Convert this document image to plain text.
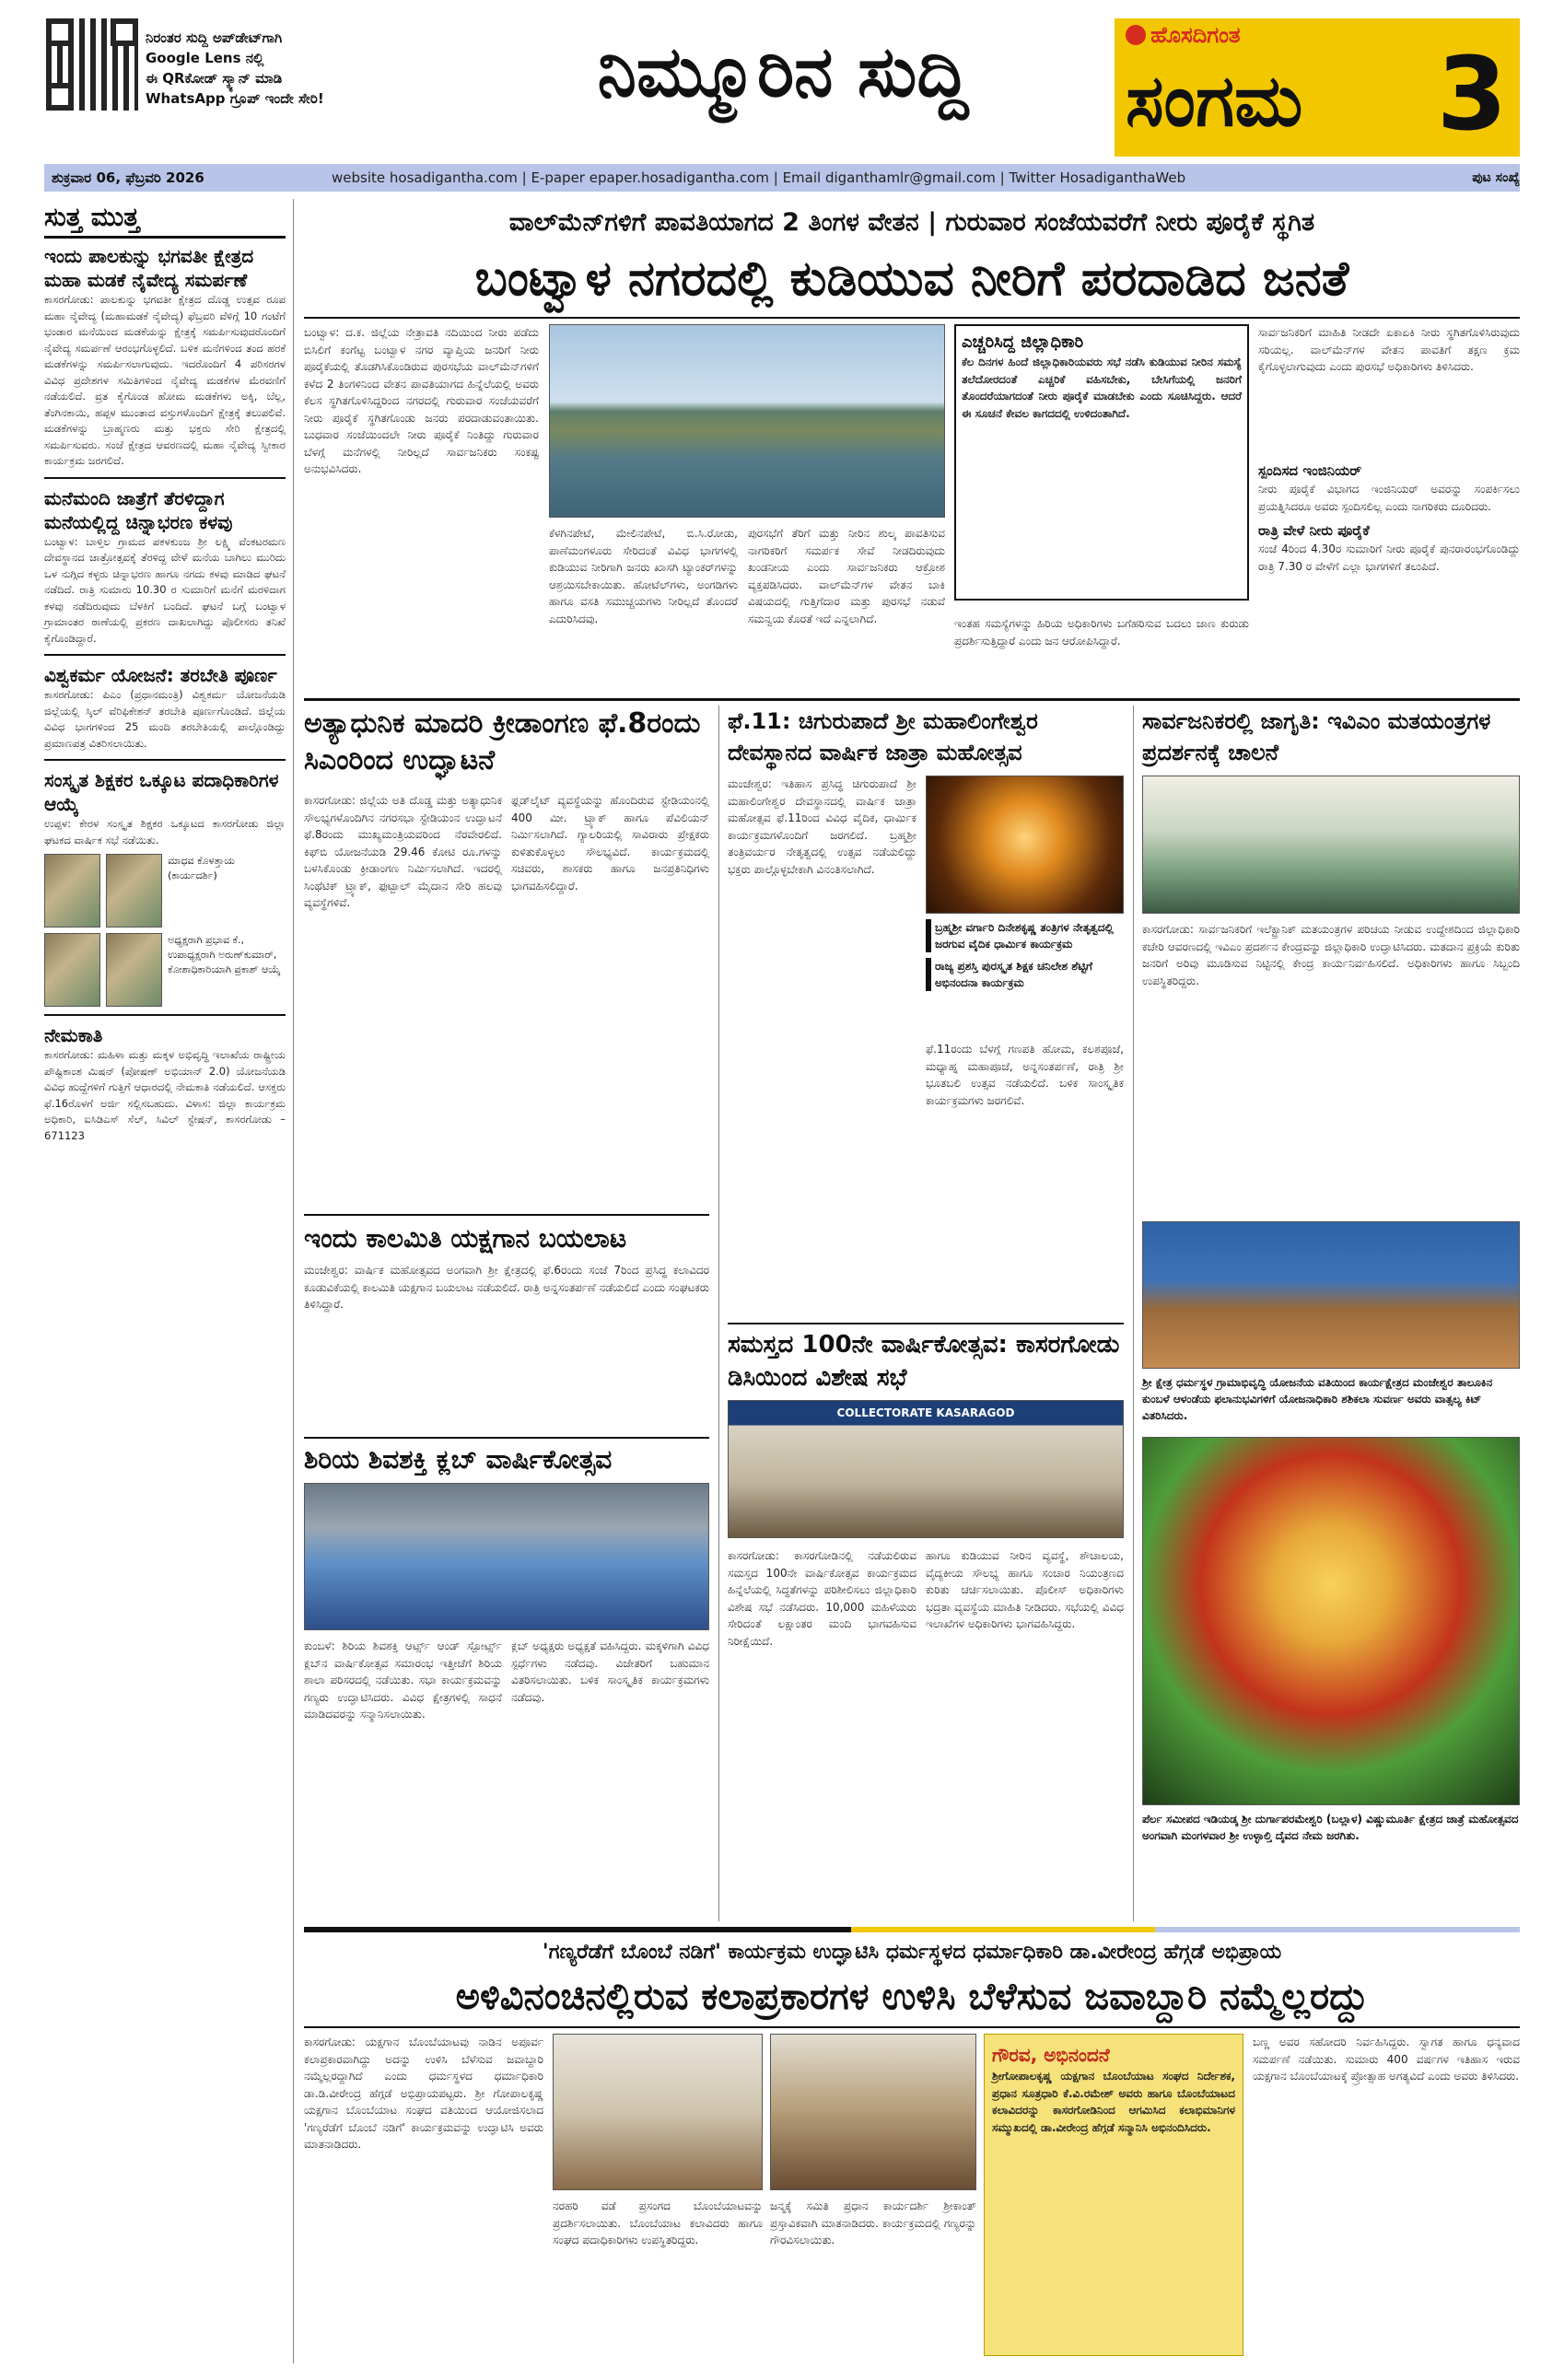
ನಿರಂತರ ಸುದ್ದಿ ಅಪ್‌ಡೇಟ್‌ಗಾಗಿ
Google Lens ನಲ್ಲಿ
ಈ QRಕೋಡ್ ಸ್ಕ್ಯಾನ್ ಮಾಡಿ
WhatsApp ಗ್ರೂಪ್ ಇಂದೇ ಸೇರಿ!	ನಿಮ್ಮೂರಿನ ಸುದ್ದಿ	ಹೊಸದಿಗಂತ
ಸಂಗಮ	3
ಶುಕ್ರವಾರ 06, ಫೆಬ್ರವರಿ 2026	website hosadigantha.com | E-paper epaper.hosadigantha.com | Email diganthamlr@gmail.com | Twitter HosadiganthaWeb	ಪುಟ ಸಂಖ್ಯೆ
ಸುತ್ತ ಮುತ್ತ
ಇಂದು ಪಾಲಕುನ್ನು ಭಗವತೀ ಕ್ಷೇತ್ರದ ಮಹಾ ಮಡಕೆ ನೈವೇದ್ಯ ಸಮರ್ಪಣೆ
ಕಾಸರಗೋಡು: ಪಾಲಕುನ್ನು ಭಗವತೀ ಕ್ಷೇತ್ರದ ದೊಡ್ಡ ಉತ್ಸವ ರೂಪ ಮಹಾ ನೈವೇದ್ಯ (ಮಹಾಮಡಕೆ ನೈವೇದ್ಯ) ಫೆಬ್ರವರಿ ವೆಳಿಗ್ಗೆ 10 ಗಂಟೆಗೆ ಭಂಡಾರ ಮನೆಯಿಂದ ಮಡಕೆಯನ್ನು ಕ್ಷೇತ್ರಕ್ಕೆ ಸಮರ್ಪಿಸುವುದರೊಂದಿಗೆ ನೈವೇದ್ಯ ಸಮರ್ಪಣೆ ಆರಂಭಗೊಳ್ಳಲಿದೆ. ಬಳಿಕ ಮನೆಗಳಿಂದ ತಂದ ಹರಕೆ ಮಡಕೆಗಳನ್ನು ಸಮರ್ಪಿಸಲಾಗುವುದು. ಇದರೊಂದಿಗೆ 4 ಪರಿಸರಗಳ ವಿವಿಧ ಪ್ರದೇಶಗಳ ಸಮಿತಿಗಳಿಂದ ನೈವೇದ್ಯ ಮಡಕೆಗಳ ಮೆರವಣಿಗೆ ನಡೆಯಲಿದೆ. ವ್ರತ ಕೈಗೊಂಡ ಹೋಮ ಮಡಕೆಗಳು ಅಕ್ಕಿ, ಬೆಲ್ಲ, ತೆಂಗಿನಕಾಯಿ, ಹಪ್ಪಳ ಮುಂತಾದ ವಸ್ತುಗಳೊಂದಿಗೆ ಕ್ಷೇತ್ರಕ್ಕೆ ತಲುಪಲಿವೆ. ಮಡಕೆಗಳನ್ನು ಬ್ರಾಹ್ಮಣರು ಮತ್ತು ಭಕ್ತರು ಸೇರಿ ಕ್ಷೇತ್ರದಲ್ಲಿ ಸಮರ್ಪಿಸುವರು. ಸಂಜೆ ಕ್ಷೇತ್ರದ ಆವರಣದಲ್ಲಿ ಮಹಾ ನೈವೇದ್ಯ ಸ್ವೀಕಾರ ಕಾರ್ಯಕ್ರಮ ಜರಗಲಿದೆ.
ಮನೆಮಂದಿ ಜಾತ್ರೆಗೆ ತೆರಳಿದ್ದಾಗ ಮನೆಯಲ್ಲಿದ್ದ ಚಿನ್ನಾಭರಣ ಕಳವು
ಬಂಟ್ವಾಳ: ಬಾಳ್ತಿಲ ಗ್ರಾಮದ ಪಕಳಕುಂಜ ಶ್ರೀ ಲಕ್ಷ್ಮಿ ವೆಂಕಟರಮಣ ದೇವಸ್ಥಾನದ ಜಾತ್ರೋತ್ಸವಕ್ಕೆ ತೆರಳಿದ್ದ ವೇಳೆ ಮನೆಯ ಬಾಗಿಲು ಮುರಿದು ಒಳ ನುಗ್ಗಿದ ಕಳ್ಳರು ಚಿನ್ನಾಭರಣ ಹಾಗೂ ನಗದು ಕಳವು ಮಾಡಿದ ಘಟನೆ ನಡೆದಿದೆ. ರಾತ್ರಿ ಸುಮಾರು 10.30 ರ ಸುಮಾರಿಗೆ ಮನೆಗೆ ಮರಳಿದಾಗ ಕಳವು ನಡೆದಿರುವುದು ಬೆಳಕಿಗೆ ಬಂದಿದೆ. ಘಟನೆ ಬಗ್ಗೆ ಬಂಟ್ವಾಳ ಗ್ರಾಮಾಂತರ ಠಾಣೆಯಲ್ಲಿ ಪ್ರಕರಣ ದಾಖಲಾಗಿದ್ದು ಪೊಲೀಸರು ತನಿಖೆ ಕೈಗೊಂಡಿದ್ದಾರೆ.
ವಿಶ್ವಕರ್ಮ ಯೋಜನೆ: ತರಬೇತಿ ಪೂರ್ಣ
ಕಾಸರಗೋಡು: ಪಿಎಂ (ಪ್ರಧಾನಮಂತ್ರಿ) ವಿಶ್ವಕರ್ಮ ಯೋಜನೆಯಡಿ ಜಿಲ್ಲೆಯಲ್ಲಿ ಸ್ಕಿಲ್ ವೆರಿಫಿಕೇಶನ್ ತರಬೇತಿ ಪೂರ್ಣಗೊಂಡಿದೆ. ಜಿಲ್ಲೆಯ ವಿವಿಧ ಭಾಗಗಳಿಂದ 25 ಮಂದಿ ತರಬೇತಿಯಲ್ಲಿ ಪಾಲ್ಗೊಂಡಿದ್ದು ಪ್ರಮಾಣಪತ್ರ ವಿತರಿಸಲಾಯಿತು.
ಸಂಸ್ಕೃತ ಶಿಕ್ಷಕರ ಒಕ್ಕೂಟ ಪದಾಧಿಕಾರಿಗಳ ಆಯ್ಕೆ
ಉಪ್ಪಳ: ಕೇರಳ ಸಂಸ್ಕೃತ ಶಿಕ್ಷಕರ ಒಕ್ಕೂಟದ ಕಾಸರಗೋಡು ಜಿಲ್ಲಾ ಘಟಕದ ವಾರ್ಷಿಕ ಸಭೆ ನಡೆಯಿತು.
ಮಾಧವ ಕೊಳತ್ತಾಯ (ಕಾರ್ಯದರ್ಶಿ)
ಅಧ್ಯಕ್ಷರಾಗಿ ಪ್ರಭಾವ ಕೆ., ಉಪಾಧ್ಯಕ್ಷರಾಗಿ ಅರುಣ್‌ಕುಮಾರ್, ಕೋಶಾಧಿಕಾರಿಯಾಗಿ ಪ್ರಕಾಶ್ ಆಯ್ಕೆ
ನೇಮಕಾತಿ
ಕಾಸರಗೋಡು: ಮಹಿಳಾ ಮತ್ತು ಮಕ್ಕಳ ಅಭಿವೃದ್ಧಿ ಇಲಾಖೆಯ ರಾಷ್ಟ್ರೀಯ ಪೌಷ್ಟಿಕಾಂಶ ಮಿಷನ್ (ಪೋಷಣ್ ಅಭಿಯಾನ್ 2.0) ಯೋಜನೆಯಡಿ ವಿವಿಧ ಹುದ್ದೆಗಳಿಗೆ ಗುತ್ತಿಗೆ ಆಧಾರದಲ್ಲಿ ನೇಮಕಾತಿ ನಡೆಯಲಿದೆ. ಆಸಕ್ತರು ಫೆ.16ರೊಳಗೆ ಅರ್ಜಿ ಸಲ್ಲಿಸಬಹುದು. ವಿಳಾಸ: ಜಿಲ್ಲಾ ಕಾರ್ಯಕ್ರಮ ಅಧಿಕಾರಿ, ಐಸಿಡಿಎಸ್ ಸೆಲ್, ಸಿವಿಲ್ ಸ್ಟೇಷನ್, ಕಾಸರಗೋಡು – 671123
ವಾಲ್‌ಮೆನ್‌ಗಳಿಗೆ ಪಾವತಿಯಾಗದ 2 ತಿಂಗಳ ವೇತನ | ಗುರುವಾರ ಸಂಜೆಯವರೆಗೆ ನೀರು ಪೂರೈಕೆ ಸ್ಥಗಿತ
ಬಂಟ್ವಾಳ ನಗರದಲ್ಲಿ ಕುಡಿಯುವ ನೀರಿಗೆ ಪರದಾಡಿದ ಜನತೆ
ಬಂಟ್ವಾಳ: ದ.ಕ. ಜಿಲ್ಲೆಯ ನೇತ್ರಾವತಿ ನದಿಯಿಂದ ನೀರು ಪಡೆದು ಬಿಸಿಲಿಗೆ ಕಂಗೆಟ್ಟ ಬಂಟ್ವಾಳ ನಗರ ವ್ಯಾಪ್ತಿಯ ಜನರಿಗೆ ನೀರು ಪೂರೈಕೆಯಲ್ಲಿ ತೊಡಗಿಸಿಕೊಂಡಿರುವ ಪುರಸಭೆಯ ವಾಲ್‌ಮೆನ್‌ಗಳಿಗೆ ಕಳೆದ 2 ತಿಂಗಳಿನಿಂದ ವೇತನ ಪಾವತಿಯಾಗದ ಹಿನ್ನೆಲೆಯಲ್ಲಿ ಅವರು ಕೆಲಸ ಸ್ಥಗಿತಗೊಳಿಸಿದ್ದರಿಂದ ನಗರದಲ್ಲಿ ಗುರುವಾರ ಸಂಜೆಯವರೆಗೆ ನೀರು ಪೂರೈಕೆ ಸ್ಥಗಿತಗೊಂಡು ಜನರು ಪರದಾಡುವಂತಾಯಿತು. ಬುಧವಾರ ಸಂಜೆಯಿಂದಲೇ ನೀರು ಪೂರೈಕೆ ನಿಂತಿದ್ದು ಗುರುವಾರ ಬೆಳಗ್ಗೆ ಮನೆಗಳಲ್ಲಿ ನೀರಿಲ್ಲದೆ ಸಾರ್ವಜನಿಕರು ಸಂಕಷ್ಟ ಅನುಭವಿಸಿದರು.
ಕೆಳಗಿನಪೇಟೆ, ಮೇಲಿನಪೇಟೆ, ಬಿ.ಸಿ.ರೋಡು, ಪಾಣೆಮಂಗಳೂರು ಸೇರಿದಂತೆ ವಿವಿಧ ಭಾಗಗಳಲ್ಲಿ ಕುಡಿಯುವ ನೀರಿಗಾಗಿ ಜನರು ಖಾಸಗಿ ಟ್ಯಾಂಕರ್‌ಗಳನ್ನು ಆಶ್ರಯಿಸಬೇಕಾಯಿತು. ಹೋಟೆಲ್‌ಗಳು, ಅಂಗಡಿಗಳು ಹಾಗೂ ವಸತಿ ಸಮುಚ್ಚಯಗಳು ನೀರಿಲ್ಲದೆ ತೊಂದರೆ ಎದುರಿಸಿದವು.
ಪುರಸಭೆಗೆ ತೆರಿಗೆ ಮತ್ತು ನೀರಿನ ಶುಲ್ಕ ಪಾವತಿಸುವ ನಾಗರಿಕರಿಗೆ ಸಮರ್ಪಕ ಸೇವೆ ನೀಡದಿರುವುದು ಖಂಡನೀಯ ಎಂದು ಸಾರ್ವಜನಿಕರು ಆಕ್ರೋಶ ವ್ಯಕ್ತಪಡಿಸಿದರು. ವಾಲ್‌ಮೆನ್‌ಗಳ ವೇತನ ಬಾಕಿ ವಿಷಯದಲ್ಲಿ ಗುತ್ತಿಗೆದಾರ ಮತ್ತು ಪುರಸಭೆ ನಡುವೆ ಸಮನ್ವಯ ಕೊರತೆ ಇದೆ ಎನ್ನಲಾಗಿದೆ.
ಎಚ್ಚರಿಸಿದ್ದ ಜಿಲ್ಲಾಧಿಕಾರಿ
ಕೆಲ ದಿನಗಳ ಹಿಂದೆ ಜಿಲ್ಲಾಧಿಕಾರಿಯವರು ಸಭೆ ನಡೆಸಿ ಕುಡಿಯುವ ನೀರಿನ ಸಮಸ್ಯೆ ತಲೆದೋರದಂತೆ ಎಚ್ಚರಿಕೆ ವಹಿಸಬೇಕು, ಬೇಸಿಗೆಯಲ್ಲಿ ಜನರಿಗೆ ತೊಂದರೆಯಾಗದಂತೆ ನೀರು ಪೂರೈಕೆ ಮಾಡಬೇಕು ಎಂದು ಸೂಚಿಸಿದ್ದರು. ಆದರೆ ಈ ಸೂಚನೆ ಕೇವಲ ಕಾಗದದಲ್ಲಿ ಉಳಿದಂತಾಗಿದೆ.
ಇಂತಹ ಸಮಸ್ಯೆಗಳನ್ನು ಹಿರಿಯ ಅಧಿಕಾರಿಗಳು ಬಗೆಹರಿಸುವ ಬದಲು ಜಾಣ ಕುರುಡು ಪ್ರದರ್ಶಿಸುತ್ತಿದ್ದಾರೆ ಎಂದು ಜನ ಆರೋಪಿಸಿದ್ದಾರೆ.
ಸಾರ್ವಜನಿಕರಿಗೆ ಮಾಹಿತಿ ನೀಡದೇ ಏಕಾಏಕಿ ನೀರು ಸ್ಥಗಿತಗೊಳಿಸಿರುವುದು ಸರಿಯಲ್ಲ. ವಾಲ್‌ಮೆನ್‌ಗಳ ವೇತನ ಪಾವತಿಗೆ ತಕ್ಷಣ ಕ್ರಮ ಕೈಗೊಳ್ಳಲಾಗುವುದು ಎಂದು ಪುರಸಭೆ ಅಧಿಕಾರಿಗಳು ತಿಳಿಸಿದರು.
ಸ್ಪಂದಿಸದ ಇಂಜಿನಿಯರ್
ನೀರು ಪೂರೈಕೆ ವಿಭಾಗದ ಇಂಜಿನಿಯರ್ ಅವರನ್ನು ಸಂಪರ್ಕಿಸಲು ಪ್ರಯತ್ನಿಸಿದರೂ ಅವರು ಸ್ಪಂದಿಸಲಿಲ್ಲ ಎಂದು ನಾಗರಿಕರು ದೂರಿದರು.
ರಾತ್ರಿ ವೇಳೆ ನೀರು ಪೂರೈಕೆ
ಸಂಜೆ 4ರಿಂದ 4.30ರ ಸುಮಾರಿಗೆ ನೀರು ಪೂರೈಕೆ ಪುನರಾರಂಭಗೊಂಡಿದ್ದು ರಾತ್ರಿ 7.30 ರ ವೇಳೆಗೆ ಎಲ್ಲಾ ಭಾಗಗಳಿಗೆ ತಲುಪಿದೆ.
ಅತ್ಯಾಧುನಿಕ ಮಾದರಿ ಕ್ರೀಡಾಂಗಣ ಫೆ.8ರಂದು ಸಿಎಂರಿಂದ ಉದ್ಘಾಟನೆ
ಕಾಸರಗೋಡು: ಜಿಲ್ಲೆಯ ಅತಿ ದೊಡ್ಡ ಮತ್ತು ಅತ್ಯಾಧುನಿಕ ಸೌಲಭ್ಯಗಳೊಂದಿಗಿನ ನಗರಸಭಾ ಸ್ಟೇಡಿಯಂನ ಉದ್ಘಾಟನೆ ಫೆ.8ರಂದು ಮುಖ್ಯಮಂತ್ರಿಯವರಿಂದ ನೆರವೇರಲಿದೆ. ಕಿಫ್‌ಬಿ ಯೋಜನೆಯಡಿ 29.46 ಕೋಟಿ ರೂ.ಗಳನ್ನು ಬಳಸಿಕೊಂಡು ಕ್ರೀಡಾಂಗಣ ನಿರ್ಮಿಸಲಾಗಿದೆ. ಇದರಲ್ಲಿ ಸಿಂಥೆಟಿಕ್ ಟ್ರ್ಯಾಕ್, ಫುಟ್ಬಾಲ್ ಮೈದಾನ ಸೇರಿ ಹಲವು ವ್ಯವಸ್ಥೆಗಳಿವೆ.
ಫ್ಲಡ್‌ಲೈಟ್ ವ್ಯವಸ್ಥೆಯನ್ನು ಹೊಂದಿರುವ ಸ್ಟೇಡಿಯಂನಲ್ಲಿ 400 ಮೀ. ಟ್ರ್ಯಾಕ್ ಹಾಗೂ ಪೆವಿಲಿಯನ್ ನಿರ್ಮಿಸಲಾಗಿದೆ. ಗ್ಯಾಲರಿಯಲ್ಲಿ ಸಾವಿರಾರು ಪ್ರೇಕ್ಷಕರು ಕುಳಿತುಕೊಳ್ಳಲು ಸೌಲಭ್ಯವಿದೆ. ಕಾರ್ಯಕ್ರಮದಲ್ಲಿ ಸಚಿವರು, ಶಾಸಕರು ಹಾಗೂ ಜನಪ್ರತಿನಿಧಿಗಳು ಭಾಗವಹಿಸಲಿದ್ದಾರೆ.
ಇಂದು ಕಾಲಮಿತಿ ಯಕ್ಷಗಾನ ಬಯಲಾಟ
ಮಂಜೇಶ್ವರ: ವಾರ್ಷಿಕ ಮಹೋತ್ಸವದ ಅಂಗವಾಗಿ ಶ್ರೀ ಕ್ಷೇತ್ರದಲ್ಲಿ ಫೆ.6ರಂದು ಸಂಜೆ 7ರಿಂದ ಪ್ರಸಿದ್ಧ ಕಲಾವಿದರ ಕೂಡುವಿಕೆಯಲ್ಲಿ ಕಾಲಮಿತಿ ಯಕ್ಷಗಾನ ಬಯಲಾಟ ನಡೆಯಲಿದೆ. ರಾತ್ರಿ ಅನ್ನಸಂತರ್ಪಣೆ ನಡೆಯಲಿದೆ ಎಂದು ಸಂಘಟಕರು ತಿಳಿಸಿದ್ದಾರೆ.
ಶಿರಿಯ ಶಿವಶಕ್ತಿ ಕ್ಲಬ್ ವಾರ್ಷಿಕೋತ್ಸವ
ಕುಂಬಳೆ: ಶಿರಿಯ ಶಿವಶಕ್ತಿ ಆರ್ಟ್ಸ್ ಆಂಡ್ ಸ್ಪೋರ್ಟ್ಸ್ ಕ್ಲಬ್‌ನ ವಾರ್ಷಿಕೋತ್ಸವ ಸಮಾರಂಭ ಇತ್ತೀಚೆಗೆ ಶಿರಿಯ ಶಾಲಾ ಪರಿಸರದಲ್ಲಿ ನಡೆಯಿತು. ಸಭಾ ಕಾರ್ಯಕ್ರಮವನ್ನು ಗಣ್ಯರು ಉದ್ಘಾಟಿಸಿದರು. ವಿವಿಧ ಕ್ಷೇತ್ರಗಳಲ್ಲಿ ಸಾಧನೆ ಮಾಡಿದವರನ್ನು ಸನ್ಮಾನಿಸಲಾಯಿತು.
ಕ್ಲಬ್ ಅಧ್ಯಕ್ಷರು ಅಧ್ಯಕ್ಷತೆ ವಹಿಸಿದ್ದರು. ಮಕ್ಕಳಿಗಾಗಿ ವಿವಿಧ ಸ್ಪರ್ಧೆಗಳು ನಡೆದವು. ವಿಜೇತರಿಗೆ ಬಹುಮಾನ ವಿತರಿಸಲಾಯಿತು. ಬಳಿಕ ಸಾಂಸ್ಕೃತಿಕ ಕಾರ್ಯಕ್ರಮಗಳು ನಡೆದವು.
ಫೆ.11: ಚಿಗುರುಪಾದೆ ಶ್ರೀ ಮಹಾಲಿಂಗೇಶ್ವರ ದೇವಸ್ಥಾನದ ವಾರ್ಷಿಕ ಜಾತ್ರಾ ಮಹೋತ್ಸವ
ಮಂಜೇಶ್ವರ: ಇತಿಹಾಸ ಪ್ರಸಿದ್ಧ ಚಿಗುರುಪಾದೆ ಶ್ರೀ ಮಹಾಲಿಂಗೇಶ್ವರ ದೇವಸ್ಥಾನದಲ್ಲಿ ವಾರ್ಷಿಕ ಜಾತ್ರಾ ಮಹೋತ್ಸವ ಫೆ.11ರಿಂದ ವಿವಿಧ ವೈದಿಕ, ಧಾರ್ಮಿಕ ಕಾರ್ಯಕ್ರಮಗಳೊಂದಿಗೆ ಜರಗಲಿದೆ. ಬ್ರಹ್ಮಶ್ರೀ ತಂತ್ರಿವರ್ಯರ ನೇತೃತ್ವದಲ್ಲಿ ಉತ್ಸವ ನಡೆಯಲಿದ್ದು ಭಕ್ತರು ಪಾಲ್ಗೊಳ್ಳಬೇಕಾಗಿ ವಿನಂತಿಸಲಾಗಿದೆ.
ಬ್ರಹ್ಮಶ್ರೀ ವರ್ಗಾರಿ ದಿನೇಶಕೃಷ್ಣ ತಂತ್ರಿಗಳ ನೇತೃತ್ವದಲ್ಲಿ ಜರಗುವ ವೈದಿಕ ಧಾರ್ಮಿಕ ಕಾರ್ಯಕ್ರಮ
ರಾಜ್ಯ ಪ್ರಶಸ್ತಿ ಪುರಸ್ಕೃತ ಶಿಕ್ಷಕ ಚನಿಲೇಶ ಶೆಟ್ಟಿಗೆ ಅಭಿನಂದನಾ ಕಾರ್ಯಕ್ರಮ
ಫೆ.11ರಂದು ಬೆಳಗ್ಗೆ ಗಣಪತಿ ಹೋಮ, ಕಲಶಪೂಜೆ, ಮಧ್ಯಾಹ್ನ ಮಹಾಪೂಜೆ, ಅನ್ನಸಂತರ್ಪಣೆ, ರಾತ್ರಿ ಶ್ರೀ ಭೂತಬಲಿ ಉತ್ಸವ ನಡೆಯಲಿದೆ. ಬಳಿಕ ಸಾಂಸ್ಕೃತಿಕ ಕಾರ್ಯಕ್ರಮಗಳು ಜರಗಲಿವೆ.
ಸಮಸ್ತದ 100ನೇ ವಾರ್ಷಿಕೋತ್ಸವ: ಕಾಸರಗೋಡು ಡಿಸಿಯಿಂದ ವಿಶೇಷ ಸಭೆ
COLLECTORATE KASARAGOD
ಕಾಸರಗೋಡು: ಕಾಸರಗೋಡಿನಲ್ಲಿ ನಡೆಯಲಿರುವ ಸಮಸ್ತದ 100ನೇ ವಾರ್ಷಿಕೋತ್ಸವ ಕಾರ್ಯಕ್ರಮದ ಹಿನ್ನೆಲೆಯಲ್ಲಿ ಸಿದ್ಧತೆಗಳನ್ನು ಪರಿಶೀಲಿಸಲು ಜಿಲ್ಲಾಧಿಕಾರಿ ವಿಶೇಷ ಸಭೆ ನಡೆಸಿದರು. 10,000 ಮಹಿಳೆಯರು ಸೇರಿದಂತೆ ಲಕ್ಷಾಂತರ ಮಂದಿ ಭಾಗವಹಿಸುವ ನಿರೀಕ್ಷೆಯಿದೆ.
ಹಾಗೂ ಕುಡಿಯುವ ನೀರಿನ ವ್ಯವಸ್ಥೆ, ಶೌಚಾಲಯ, ವೈದ್ಯಕೀಯ ಸೌಲಭ್ಯ ಹಾಗೂ ಸಂಚಾರ ನಿಯಂತ್ರಣದ ಕುರಿತು ಚರ್ಚಿಸಲಾಯಿತು. ಪೊಲೀಸ್ ಅಧಿಕಾರಿಗಳು ಭದ್ರತಾ ವ್ಯವಸ್ಥೆಯ ಮಾಹಿತಿ ನೀಡಿದರು. ಸಭೆಯಲ್ಲಿ ವಿವಿಧ ಇಲಾಖೆಗಳ ಅಧಿಕಾರಿಗಳು ಭಾಗವಹಿಸಿದ್ದರು.
ಸಾರ್ವಜನಿಕರಲ್ಲಿ ಜಾಗೃತಿ: ಇವಿಎಂ ಮತಯಂತ್ರಗಳ ಪ್ರದರ್ಶನಕ್ಕೆ ಚಾಲನೆ
ಕಾಸರಗೋಡು: ಸಾರ್ವಜನಿಕರಿಗೆ ಇಲೆಕ್ಟ್ರಾನಿಕ್ ಮತಯಂತ್ರಗಳ ಪರಿಚಯ ನೀಡುವ ಉದ್ದೇಶದಿಂದ ಜಿಲ್ಲಾಧಿಕಾರಿ ಕಚೇರಿ ಆವರಣದಲ್ಲಿ ಇವಿಎಂ ಪ್ರದರ್ಶನ ಕೇಂದ್ರವನ್ನು ಜಿಲ್ಲಾಧಿಕಾರಿ ಉದ್ಘಾಟಿಸಿದರು. ಮತದಾನ ಪ್ರಕ್ರಿಯೆ ಕುರಿತು ಜನರಿಗೆ ಅರಿವು ಮೂಡಿಸುವ ನಿಟ್ಟಿನಲ್ಲಿ ಕೇಂದ್ರ ಕಾರ್ಯನಿರ್ವಹಿಸಲಿದೆ. ಅಧಿಕಾರಿಗಳು ಹಾಗೂ ಸಿಬ್ಬಂದಿ ಉಪಸ್ಥಿತರಿದ್ದರು.
ಶ್ರೀ ಕ್ಷೇತ್ರ ಧರ್ಮಸ್ಥಳ ಗ್ರಾಮಾಭಿವೃದ್ಧಿ ಯೋಜನೆಯ ವತಿಯಿಂದ ಕಾರ್ಯಕ್ಷೇತ್ರದ ಮಂಜೇಶ್ವರ ತಾಲೂಕಿನ ಕುಂಬಳೆ ಆಳಂಡೆಯ ಫಲಾನುಭವಿಗಳಿಗೆ ಯೋಜನಾಧಿಕಾರಿ ಶಶಿಕಲಾ ಸುವರ್ಣ ಅವರು ವಾತ್ಸಲ್ಯ ಕಿಟ್ ವಿತರಿಸಿದರು.
ಪೆರ್ಲ ಸಮೀಪದ ಇಡಿಯಡ್ಕ ಶ್ರೀ ದುರ್ಗಾಪರಮೇಶ್ವರಿ (ಬಲ್ಲಾಳ) ವಿಷ್ಣುಮೂರ್ತಿ ಕ್ಷೇತ್ರದ ಜಾತ್ರೆ ಮಹೋತ್ಸವದ ಅಂಗವಾಗಿ ಮಂಗಳವಾರ ಶ್ರೀ ಉಳ್ಳಾಲ್ತಿ ದೈವದ ನೇಮ ಜರಗಿತು.
'ಗಣ್ಯರೆಡೆಗೆ ಬೊಂಬೆ ನಡಿಗೆ' ಕಾರ್ಯಕ್ರಮ ಉದ್ಘಾಟಿಸಿ ಧರ್ಮಸ್ಥಳದ ಧರ್ಮಾಧಿಕಾರಿ ಡಾ.ವೀರೇಂದ್ರ ಹೆಗ್ಗಡೆ ಅಭಿಪ್ರಾಯ
ಅಳಿವಿನಂಚಿನಲ್ಲಿರುವ ಕಲಾಪ್ರಕಾರಗಳ ಉಳಿಸಿ ಬೆಳೆಸುವ ಜವಾಬ್ದಾರಿ ನಮ್ಮೆಲ್ಲರದ್ದು
ಕಾಸರಗೋಡು: ಯಕ್ಷಗಾನ ಬೊಂಬೆಯಾಟವು ನಾಡಿನ ಅಪೂರ್ವ ಕಲಾಪ್ರಕಾರವಾಗಿದ್ದು ಅದನ್ನು ಉಳಿಸಿ ಬೆಳೆಸುವ ಜವಾಬ್ದಾರಿ ನಮ್ಮೆಲ್ಲರದ್ದಾಗಿದೆ ಎಂದು ಧರ್ಮಸ್ಥಳದ ಧರ್ಮಾಧಿಕಾರಿ ಡಾ.ಡಿ.ವೀರೇಂದ್ರ ಹೆಗ್ಗಡೆ ಅಭಿಪ್ರಾಯಪಟ್ಟರು. ಶ್ರೀ ಗೋಪಾಲಕೃಷ್ಣ ಯಕ್ಷಗಾನ ಬೊಂಬೆಯಾಟ ಸಂಘದ ವತಿಯಿಂದ ಆಯೋಜಿಸಲಾದ 'ಗಣ್ಯರೆಡೆಗೆ ಬೊಂಬೆ ನಡಿಗೆ' ಕಾರ್ಯಕ್ರಮವನ್ನು ಉದ್ಘಾಟಿಸಿ ಅವರು ಮಾತನಾಡಿದರು.
ನರಹರಿ ವಡೆ ಪ್ರಸಂಗದ ಬೊಂಬೆಯಾಟವನ್ನು ಪ್ರದರ್ಶಿಸಲಾಯಿತು. ಬೊಂಬೆಯಾಟ ಕಲಾವಿದರು ಹಾಗೂ ಸಂಘದ ಪದಾಧಿಕಾರಿಗಳು ಉಪಸ್ಥಿತರಿದ್ದರು.
ಜನ್ಮಕ್ಕೆ ಸಮಿತಿ ಪ್ರಧಾನ ಕಾರ್ಯದರ್ಶಿ ಶ್ರೀಕಾಂತ್ ಪ್ರಸ್ತಾವಿಕವಾಗಿ ಮಾತನಾಡಿದರು. ಕಾರ್ಯಕ್ರಮದಲ್ಲಿ ಗಣ್ಯರನ್ನು ಗೌರವಿಸಲಾಯಿತು.
ಗೌರವ, ಅಭಿನಂದನೆ
ಶ್ರೀಗೋಪಾಲಕೃಷ್ಣ ಯಕ್ಷಗಾನ ಬೊಂಬೆಯಾಟ ಸಂಘದ ನಿರ್ದೇಶಕ, ಪ್ರಧಾನ ಸೂತ್ರಧಾರಿ ಕೆ.ವಿ.ರಮೇಶ್ ಅವರು ಹಾಗೂ ಬೊಂಬೆಯಾಟದ ಕಲಾವಿದರನ್ನು ಕಾಸರಗೋಡಿನಿಂದ ಆಗಮಿಸಿದ ಕಲಾಭಿಮಾನಿಗಳ ಸಮ್ಮುಖದಲ್ಲಿ ಡಾ.ವೀರೇಂದ್ರ ಹೆಗ್ಗಡೆ ಸನ್ಮಾನಿಸಿ ಅಭಿನಂದಿಸಿದರು.
ಬಣ್ಣ ಅವರ ಸಹೋದರಿ ನಿರ್ವಹಿಸಿದ್ದರು. ಸ್ವಾಗತ ಹಾಗೂ ಧನ್ಯವಾದ ಸಮರ್ಪಣೆ ನಡೆಯಿತು. ಸುಮಾರು 400 ವರ್ಷಗಳ ಇತಿಹಾಸ ಇರುವ ಯಕ್ಷಗಾನ ಬೊಂಬೆಯಾಟಕ್ಕೆ ಪ್ರೋತ್ಸಾಹ ಅಗತ್ಯವಿದೆ ಎಂದು ಅವರು ತಿಳಿಸಿದರು.
